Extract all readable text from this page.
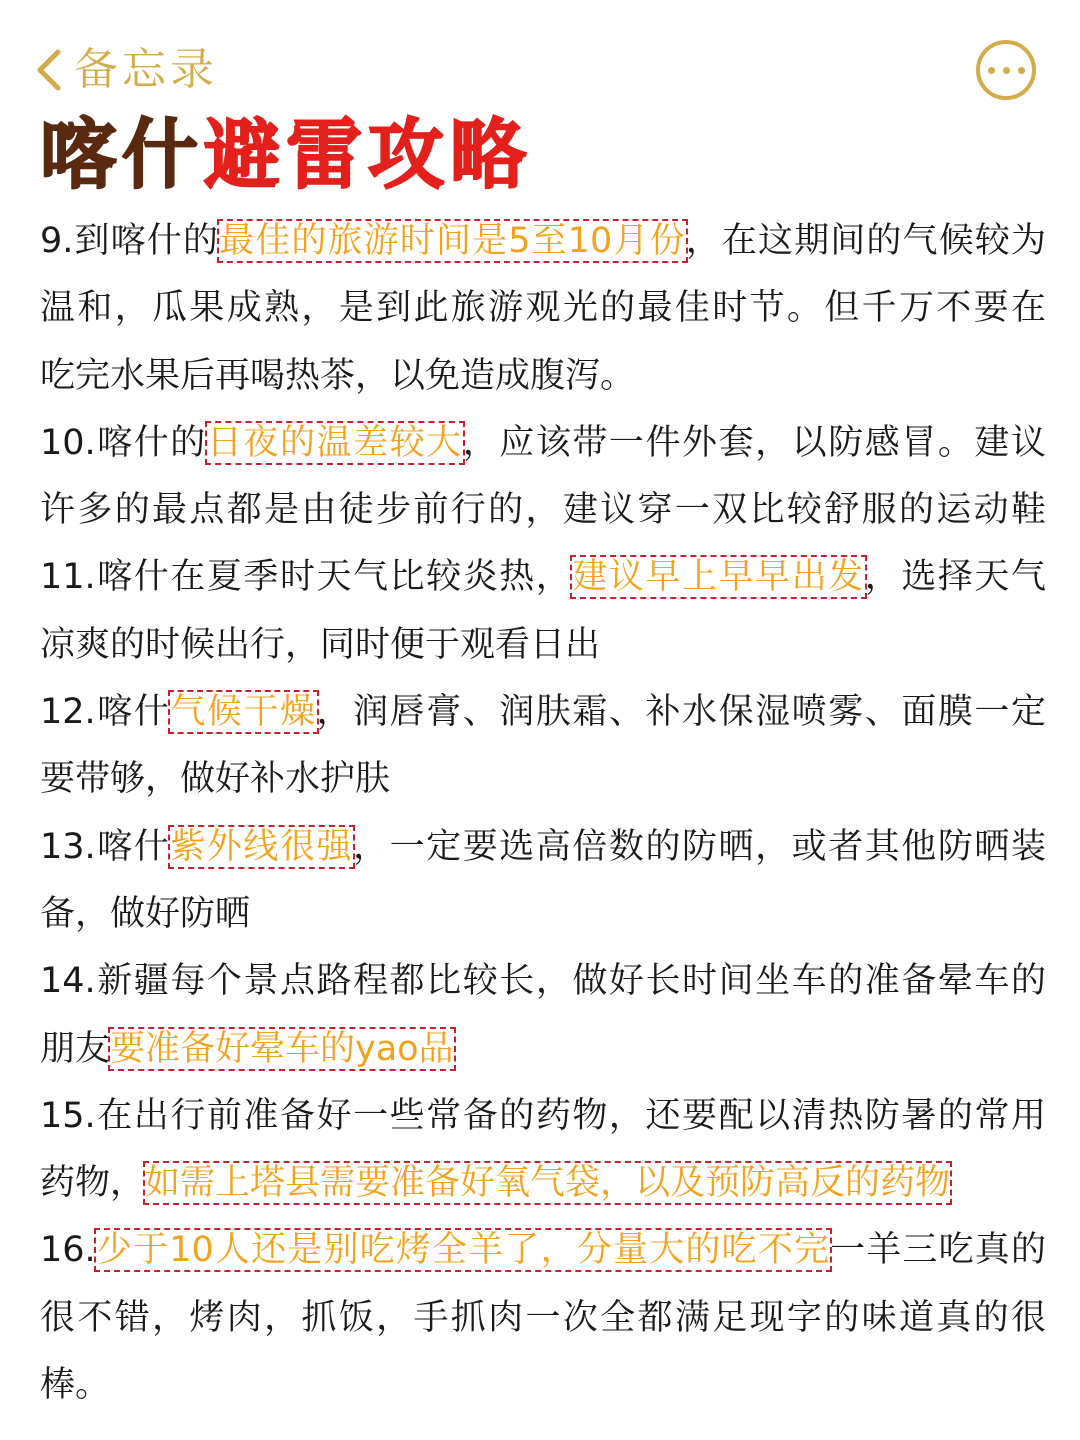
备忘录
喀什避雷攻略
9.到喀什的最佳的旅游时间是5至10月份，在这期间的气候较为
温和，瓜果成熟，是到此旅游观光的最佳时节。但千万不要在
吃完水果后再喝热茶，以免造成腹泻。
10.喀什的日夜的温差较大，应该带一件外套，以防感冒。建议
许多的最点都是由徒步前行的，建议穿一双比较舒服的运动鞋
11.喀什在夏季时天气比较炎热，建议早上早早出发，选择天气
凉爽的时候出行，同时便于观看日出
12.喀什气候干燥，润唇膏、润肤霜、补水保湿喷雾、面膜一定
要带够，做好补水护肤
13.喀什紫外线很强，一定要选高倍数的防晒，或者其他防晒装
备，做好防晒
14.新疆每个景点路程都比较长，做好长时间坐车的准备晕车的
朋友要准备好晕车的yao品
15.在出行前准备好一些常备的药物，还要配以清热防暑的常用
药物，如需上塔县需要准备好氧气袋，以及预防高反的药物
16.少于10人还是别吃烤全羊了，分量大的吃不完一羊三吃真的
很不错，烤肉，抓饭，手抓肉一次全都满足现字的味道真的很
棒。
